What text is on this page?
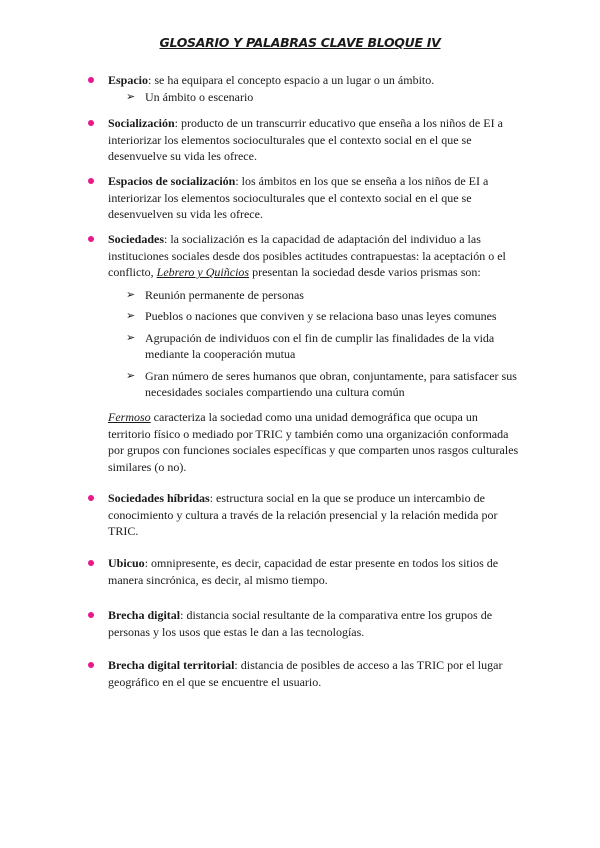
GLOSARIO Y PALABRAS CLAVE BLOQUE IV
Espacio: se ha equipara el concepto espacio a un lugar o un ámbito.
➢ Un ámbito o escenario
Socialización: producto de un transcurrir educativo que enseña a los niños de EI a interiorizar los elementos socioculturales que el contexto social en el que se desenvuelve su vida les ofrece.
Espacios de socialización: los ámbitos en los que se enseña a los niños de EI a interiorizar los elementos socioculturales que el contexto social en el que se desenvuelven su vida les ofrece.
Sociedades: la socialización es la capacidad de adaptación del individuo a las instituciones sociales desde dos posibles actitudes contrapuestas: la aceptación o el conflicto, Lebrero y Quiñcios presentan la sociedad desde varios prismas son:
➢ Reunión permanente de personas
➢ Pueblos o naciones que conviven y se relaciona baso unas leyes comunes
➢ Agrupación de individuos con el fin de cumplir las finalidades de la vida mediante la cooperación mutua
➢ Gran número de seres humanos que obran, conjuntamente, para satisfacer sus necesidades sociales compartiendo una cultura común
Fermoso caracteriza la sociedad como una unidad demográfica que ocupa un territorio físico o mediado por TRIC y también como una organización conformada por grupos con funciones sociales específicas y que comparten unos rasgos culturales similares (o no).
Sociedades híbridas: estructura social en la que se produce un intercambio de conocimiento y cultura a través de la relación presencial y la relación medida por TRIC.
Ubicuo: omnipresente, es decir, capacidad de estar presente en todos los sitios de manera sincrónica, es decir, al mismo tiempo.
Brecha digital: distancia social resultante de la comparativa entre los grupos de personas y los usos que estas le dan a las tecnologías.
Brecha digital territorial: distancia de posibles de acceso a las TRIC por el lugar geográfico en el que se encuentre el usuario.
